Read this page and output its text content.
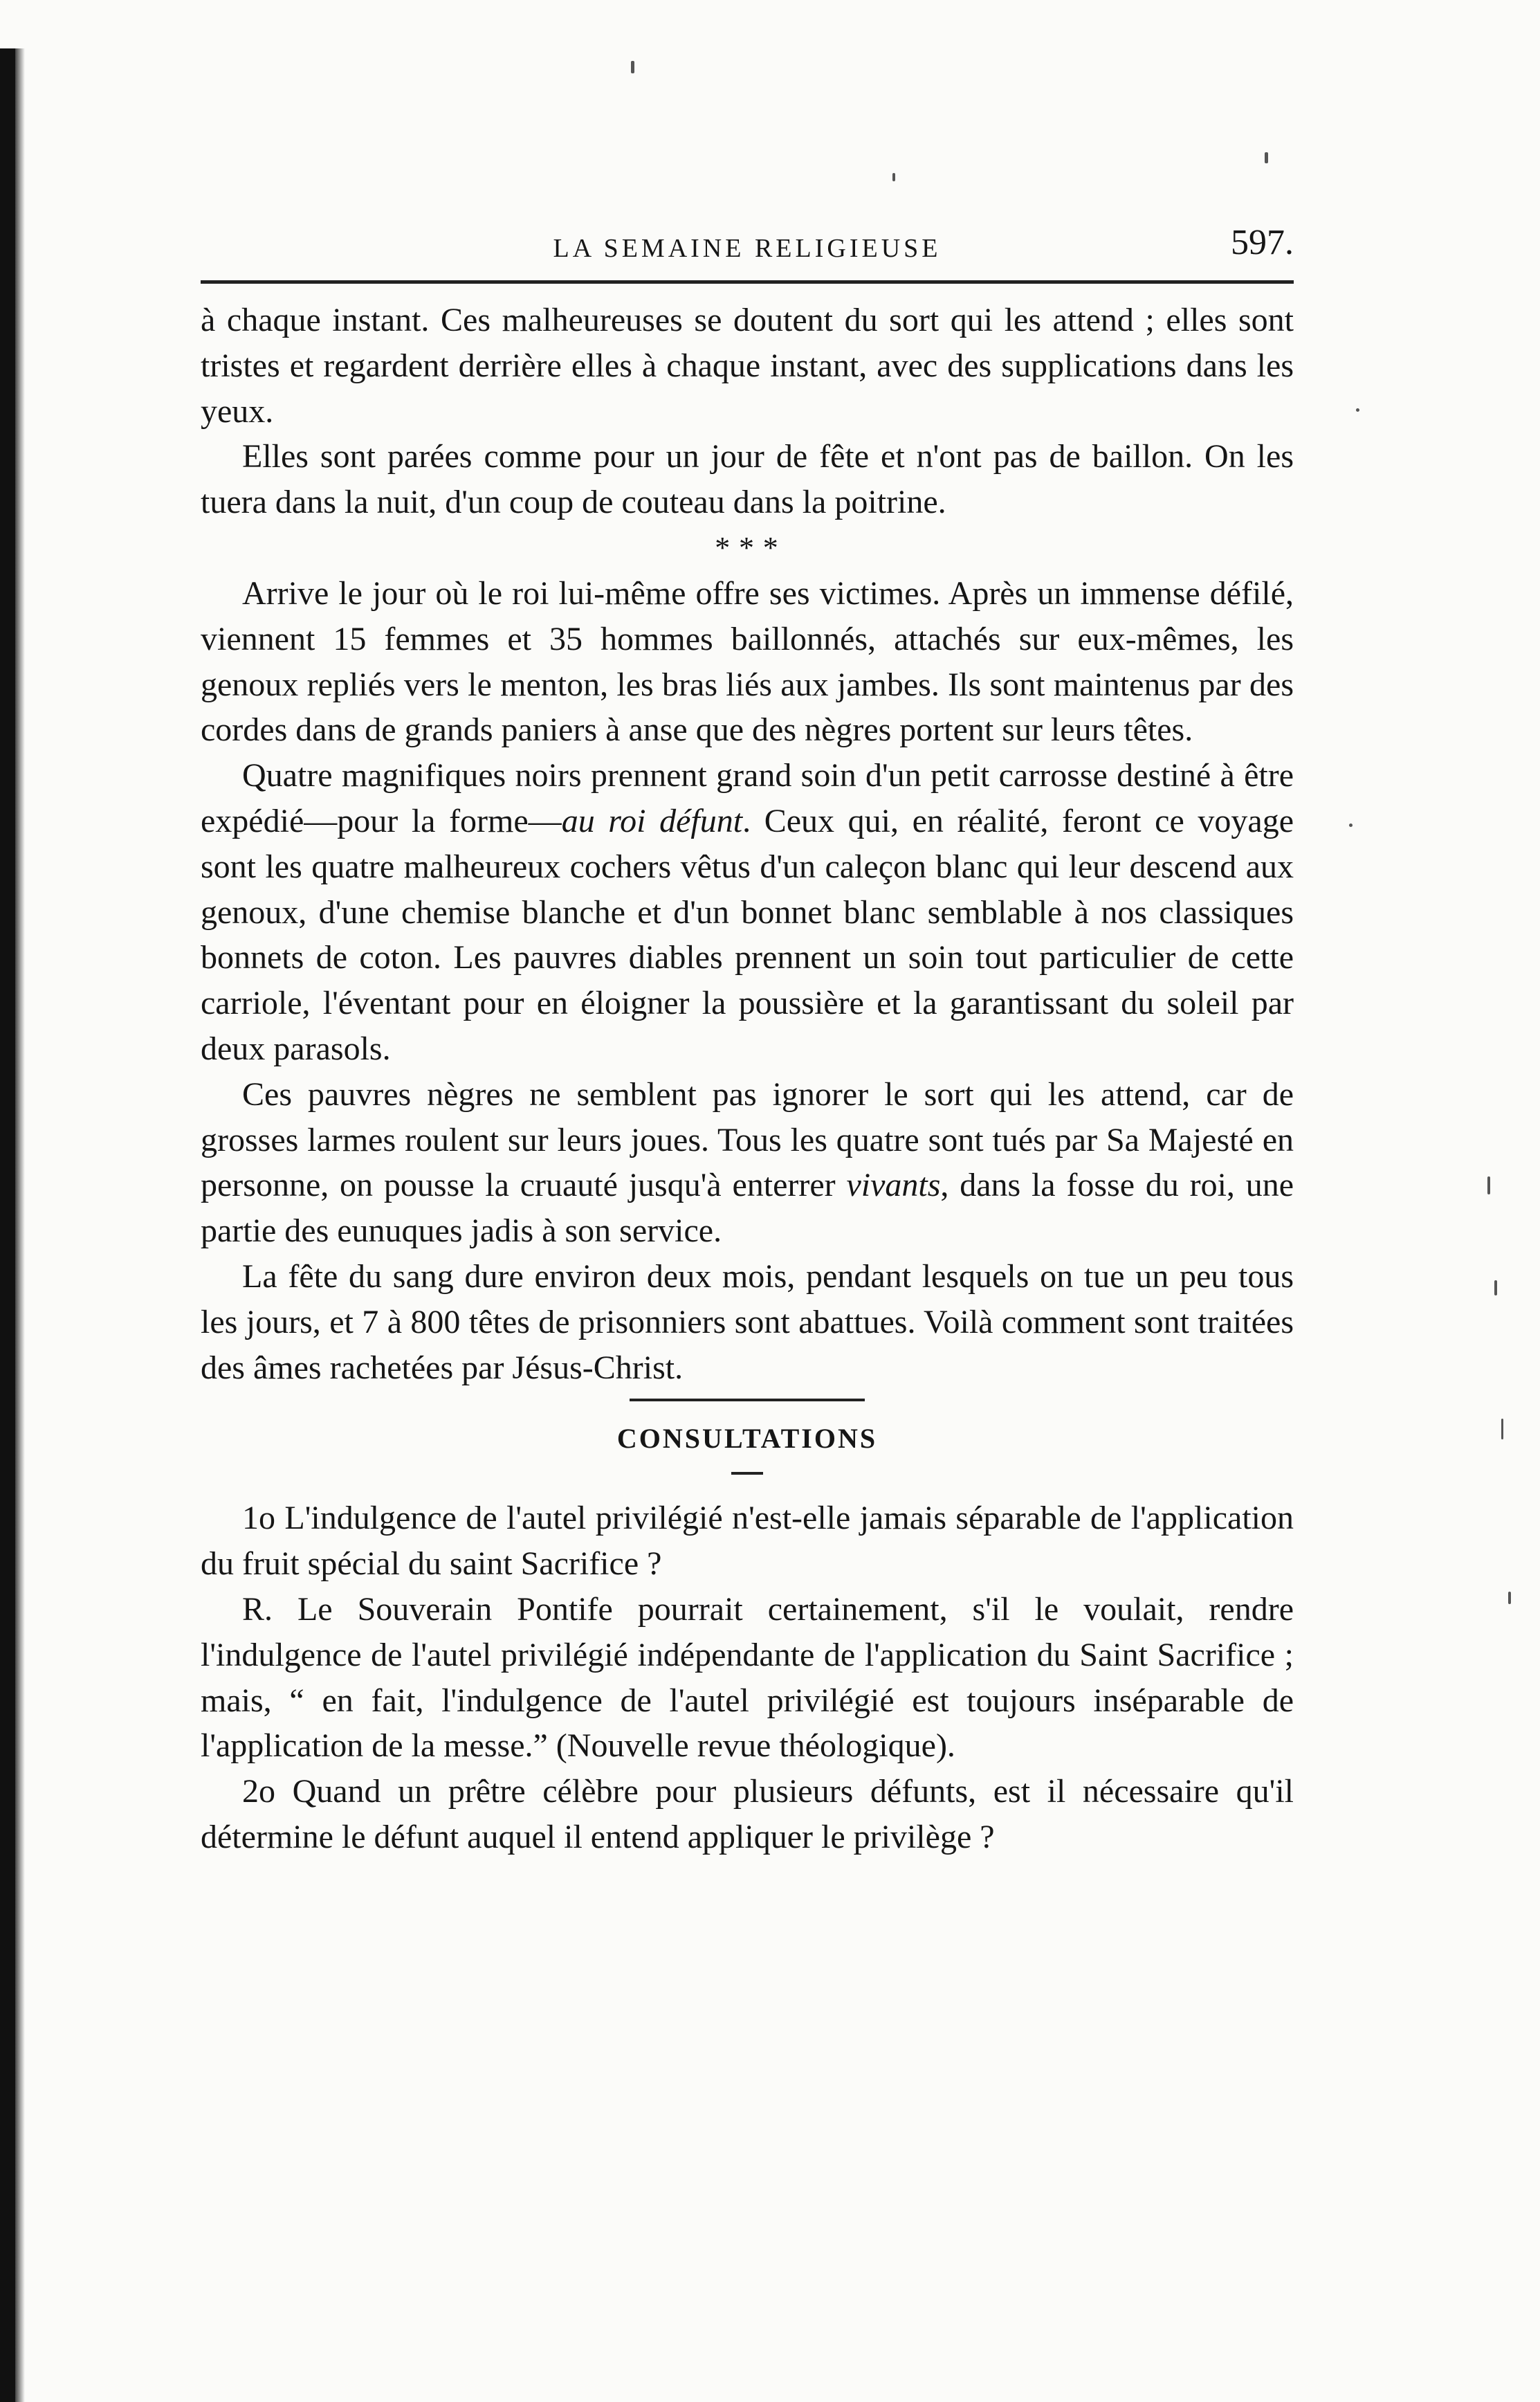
LA SEMAINE RELIGIEUSE	597.

à chaque instant. Ces malheureuses se doutent du sort qui les attend ; elles sont tristes et regardent derrière elles à chaque instant, avec des supplications dans les yeux.

Elles sont parées comme pour un jour de fête et n'ont pas de baillon. On les tuera dans la nuit, d'un coup de couteau dans la poitrine.

* * *

Arrive le jour où le roi lui-même offre ses victimes. Après un immense défilé, viennent 15 femmes et 35 hommes baillonnés, attachés sur eux-mêmes, les genoux repliés vers le menton, les bras liés aux jambes. Ils sont maintenus par des cordes dans de grands paniers à anse que des nègres portent sur leurs têtes.

Quatre magnifiques noirs prennent grand soin d'un petit carrosse destiné à être expédié—pour la forme—au roi défunt. Ceux qui, en réalité, feront ce voyage sont les quatre malheureux cochers vêtus d'un caleçon blanc qui leur descend aux genoux, d'une chemise blanche et d'un bonnet blanc semblable à nos classiques bonnets de coton. Les pauvres diables prennent un soin tout particulier de cette carriole, l'éventant pour en éloigner la poussière et la garantissant du soleil par deux parasols.

Ces pauvres nègres ne semblent pas ignorer le sort qui les attend, car de grosses larmes roulent sur leurs joues. Tous les quatre sont tués par Sa Majesté en personne, on pousse la cruauté jusqu'à enterrer vivants, dans la fosse du roi, une partie des eunuques jadis à son service.

La fête du sang dure environ deux mois, pendant lesquels on tue un peu tous les jours, et 7 à 800 têtes de prisonniers sont abattues. Voilà comment sont traitées des âmes rachetées par Jésus-Christ.

CONSULTATIONS

1o L'indulgence de l'autel privilégié n'est-elle jamais séparable de l'application du fruit spécial du saint Sacrifice ?

R. Le Souverain Pontife pourrait certainement, s'il le voulait, rendre l'indulgence de l'autel privilégié indépendante de l'application du Saint Sacrifice ; mais, “ en fait, l'indulgence de l'autel privilégié est toujours inséparable de l'application de la messe.” (Nouvelle revue théologique).

2o Quand un prêtre célèbre pour plusieurs défunts, est il nécessaire qu'il détermine le défunt auquel il entend appliquer le privilège ?
